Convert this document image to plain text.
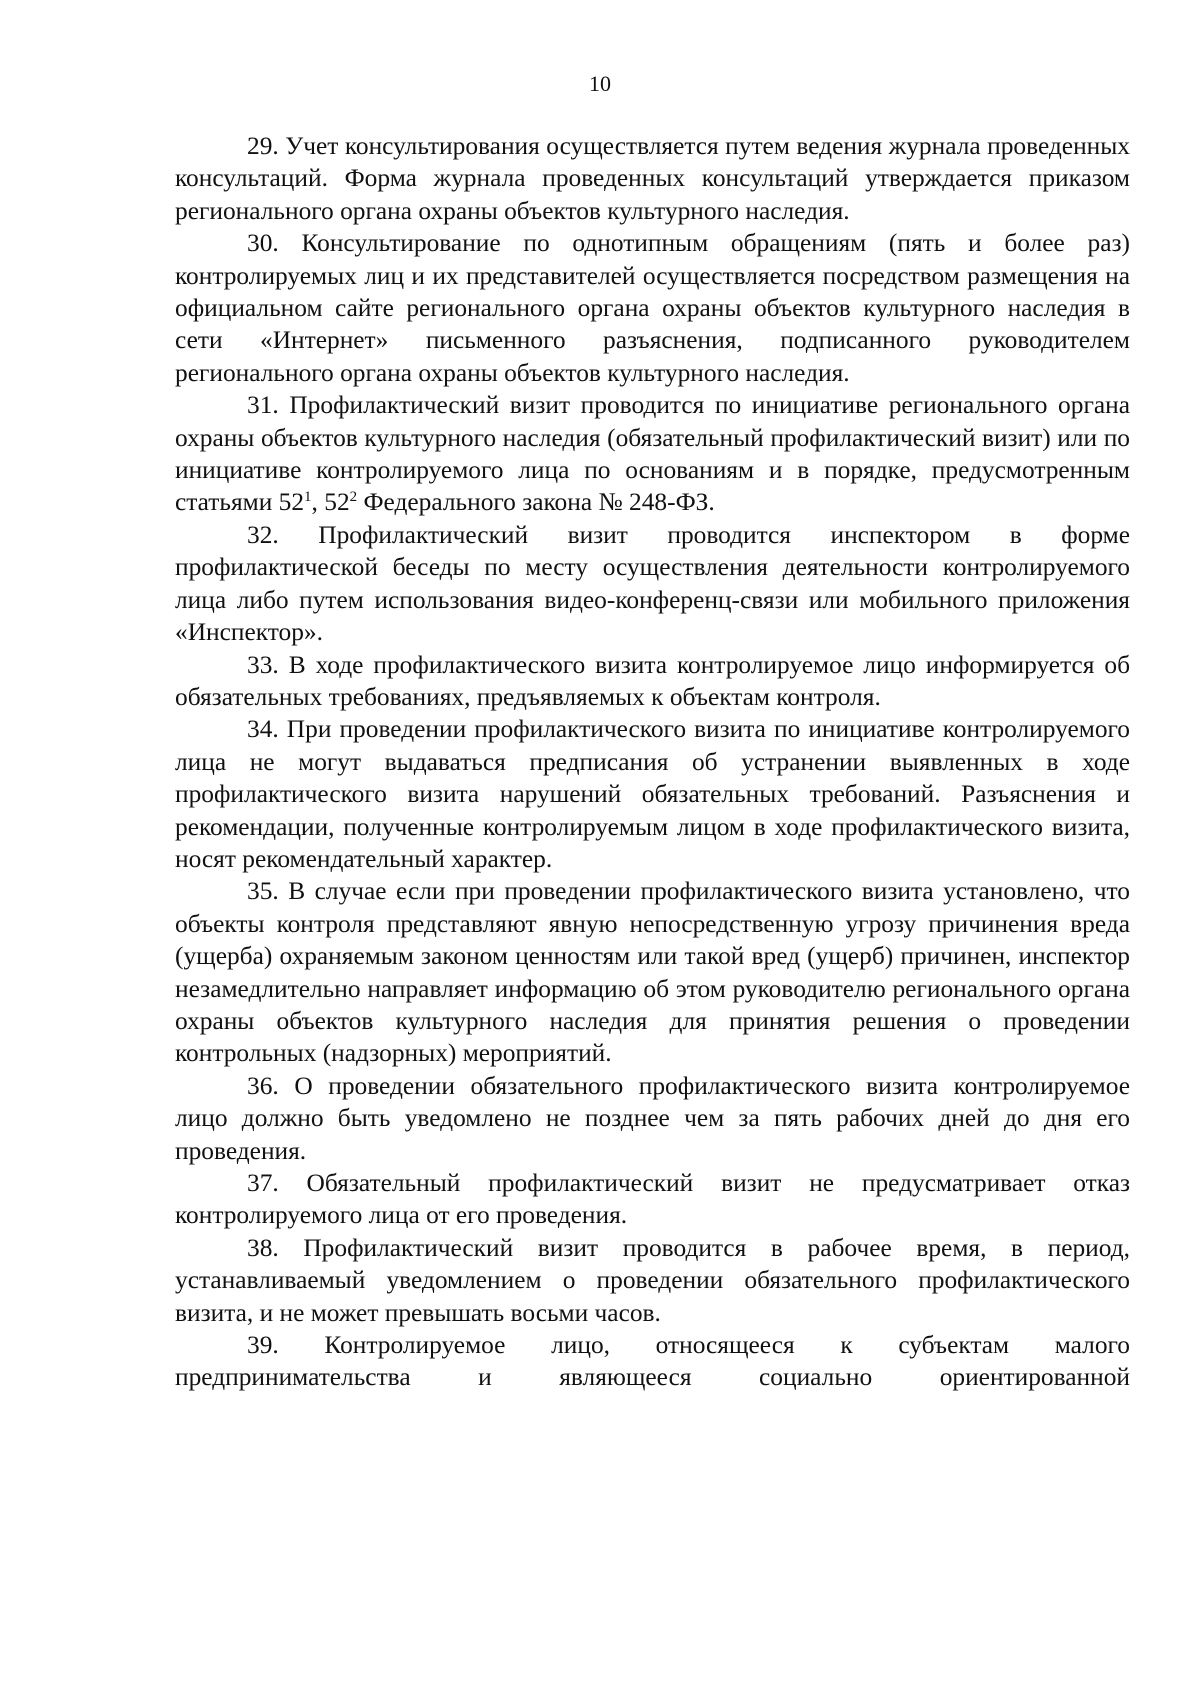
10

29. Учет консультирования осуществляется путем ведения журнала проведенных консультаций. Форма журнала проведенных консультаций утверждается приказом регионального органа охраны объектов культурного наследия.

30. Консультирование по однотипным обращениям (пять и более раз) контролируемых лиц и их представителей осуществляется посредством размещения на официальном сайте регионального органа охраны объектов культурного наследия в сети «Интернет» письменного разъяснения, подписанного руководителем регионального органа охраны объектов культурного наследия.

31. Профилактический визит проводится по инициативе регионального органа охраны объектов культурного наследия (обязательный профилактический визит) или по инициативе контролируемого лица по основаниям и в порядке, предусмотренным статьями $52^1$, $52^2$ Федерального закона № 248-ФЗ.

32. Профилактический визит проводится инспектором в форме профилактической беседы по месту осуществления деятельности контролируемого лица либо путем использования видео-конференц-связи или мобильного приложения «Инспектор».

33. В ходе профилактического визита контролируемое лицо информируется об обязательных требованиях, предъявляемых к объектам контроля.

34. При проведении профилактического визита по инициативе контролируемого лица не могут выдаваться предписания об устранении выявленных в ходе профилактического визита нарушений обязательных требований. Разъяснения и рекомендации, полученные контролируемым лицом в ходе профилактического визита, носят рекомендательный характер.

35. В случае если при проведении профилактического визита установлено, что объекты контроля представляют явную непосредственную угрозу причинения вреда (ущерба) охраняемым законом ценностям или такой вред (ущерб) причинен, инспектор незамедлительно направляет информацию об этом руководителю регионального органа охраны объектов культурного наследия для принятия решения о проведении контрольных (надзорных) мероприятий.

36. О проведении обязательного профилактического визита контролируемое лицо должно быть уведомлено не позднее чем за пять рабочих дней до дня его проведения.

37. Обязательный профилактический визит не предусматривает отказ контролируемого лица от его проведения.

38. Профилактический визит проводится в рабочее время, в период, устанавливаемый уведомлением о проведении обязательного профилактического визита, и не может превышать восьми часов.

39. Контролируемое лицо, относящееся к субъектам малого предпринимательства и являющееся социально ориентированной
